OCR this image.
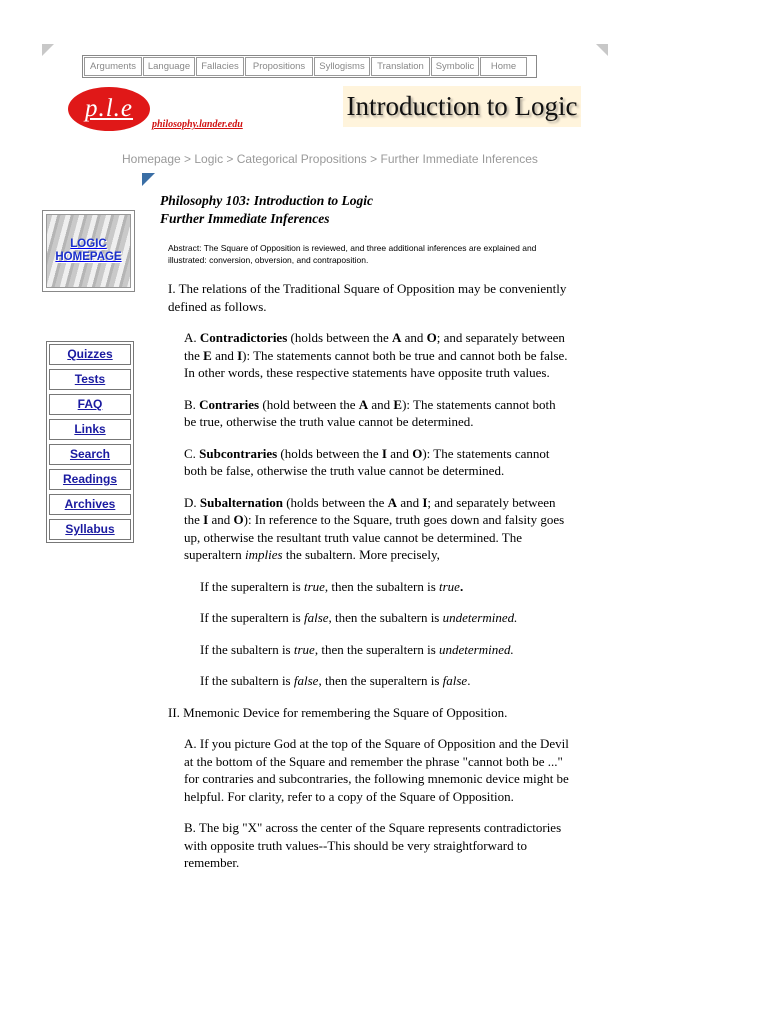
Arguments	Language	Fallacies	Propositions	Syllogisms	Translation	Symbolic	Home
p.l.e
philosophy.lander.edu
Introduction to Logic
Homepage > Logic > Categorical Propositions > Further Immediate Inferences
LOGIC
HOMEPAGE
Quizzes
Tests
FAQ
Links
Search
Readings
Archives
Syllabus
Philosophy 103: Introduction to Logic
Further Immediate Inferences
Abstract: The Square of Opposition is reviewed, and three additional inferences are explained and illustrated: conversion, obversion, and contraposition.

I. The relations of the Traditional Square of Opposition may be conveniently defined as follows.

A. Contradictories (holds between the A and O; and separately between the E and I): The statements cannot both be true and cannot both be false. In other words, these respective statements have opposite truth values.

B. Contraries (hold between the A and E): The statements cannot both be true, otherwise the truth value cannot be determined.

C. Subcontraries (holds between the I and O): The statements cannot both be false, otherwise the truth value cannot be determined.

D. Subalternation (holds between the A and I; and separately between the I and O): In reference to the Square, truth goes down and falsity goes up, otherwise the resultant truth value cannot be determined. The superaltern implies the subaltern. More precisely,

If the superaltern is true, then the subaltern is true.

If the superaltern is false, then the subaltern is undetermined.

If the subaltern is true, then the superaltern is undetermined.

If the subaltern is false, then the superaltern is false.

II. Mnemonic Device for remembering the Square of Opposition.

A. If you picture God at the top of the Square of Opposition and the Devil at the bottom of the Square and remember the phrase "cannot both be ..." for contraries and subcontraries, the following mnemonic device might be helpful. For clarity, refer to a copy of the Square of Opposition.

B. The big "X" across the center of the Square represents contradictories with opposite truth values--This should be very straightforward to remember.
